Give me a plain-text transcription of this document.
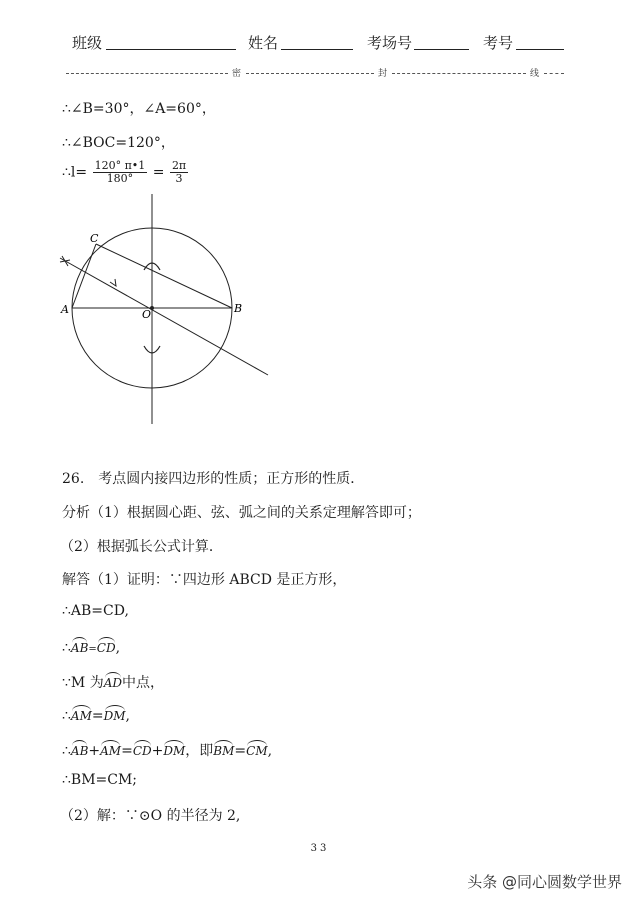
班级	姓名	考场号	考号
密	封	线
∴∠B=30°，∠A=60°，
∴∠BOC=120°，
∴l= $\frac{120^\circ \pi•1}{180^\circ} = \frac{2\pi}{3}$
C
A	O	B
26.　考点圆内接四边形的性质；正方形的性质．
分析（1）根据圆心距、弦、弧之间的关系定理解答即可；
（2）根据弧长公式计算．
解答（1）证明：∵四边形 ABCD 是正方形，
∴AB=CD,
∴AB=CD,
∵M 为AD中点，
∴AM=DM,
∴AB+AM=CD+DM，即BM=CM,
∴BM=CM;
（2）解：∵⊙O 的半径为 2,
33
头条 @同心圆数学世界
